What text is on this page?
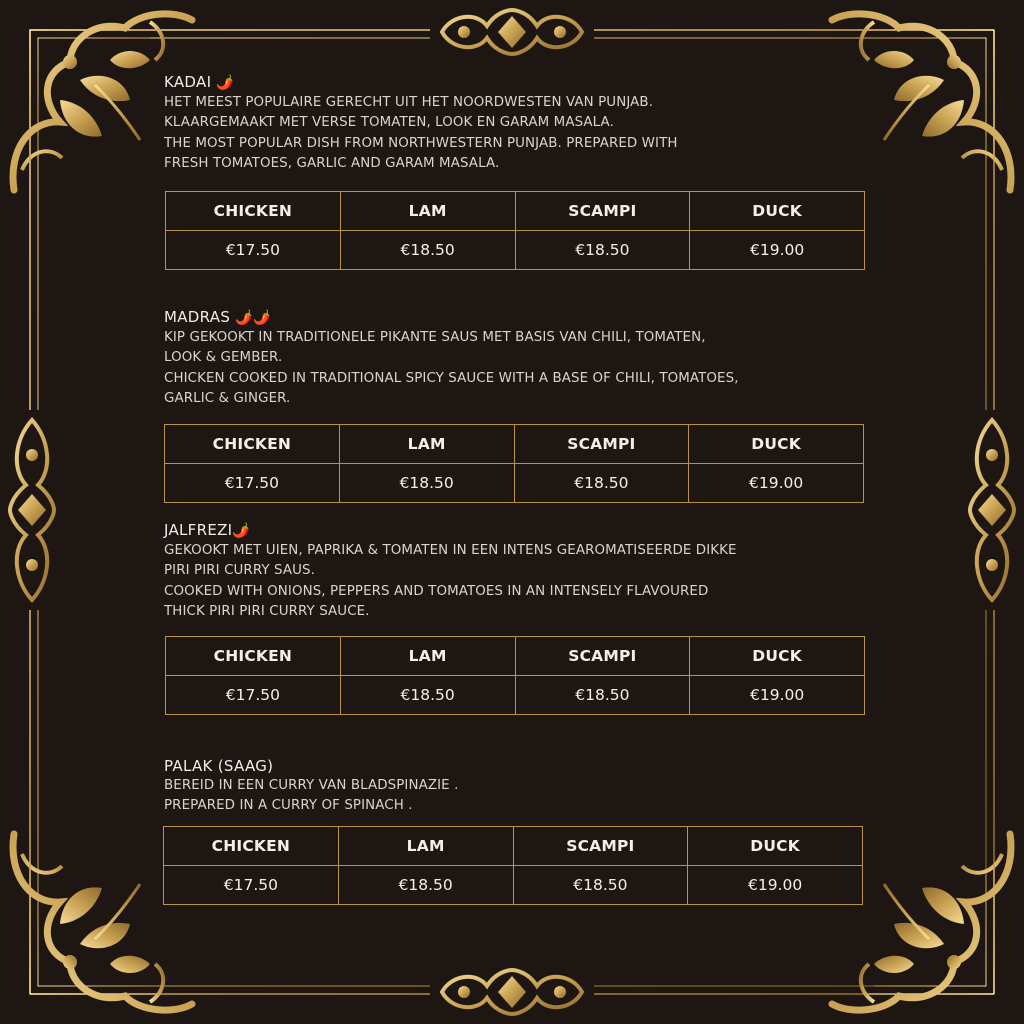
KADAI 🌶️
HET MEEST POPULAIRE GERECHT UIT HET NOORDWESTEN VAN PUNJAB.
KLAARGEMAAKT MET VERSE TOMATEN, LOOK EN GARAM MASALA.
THE MOST POPULAR DISH FROM NORTHWESTERN PUNJAB. PREPARED WITH
FRESH TOMATOES, GARLIC AND GARAM MASALA.
CHICKEN	LAM	SCAMPI	DUCK
€17.50	€18.50	€18.50	€19.00
MADRAS 🌶️🌶️
KIP GEKOOKT IN TRADITIONELE PIKANTE SAUS MET BASIS VAN CHILI, TOMATEN,
LOOK & GEMBER.
CHICKEN COOKED IN TRADITIONAL SPICY SAUCE WITH A BASE OF CHILI, TOMATOES,
GARLIC & GINGER.
CHICKEN	LAM	SCAMPI	DUCK
€17.50	€18.50	€18.50	€19.00
JALFREZI🌶️
GEKOOKT MET UIEN, PAPRIKA & TOMATEN IN EEN INTENS GEAROMATISEERDE DIKKE
PIRI PIRI CURRY SAUS.
COOKED WITH ONIONS, PEPPERS AND TOMATOES IN AN INTENSELY FLAVOURED
THICK PIRI PIRI CURRY SAUCE.
CHICKEN	LAM	SCAMPI	DUCK
€17.50	€18.50	€18.50	€19.00
PALAK (SAAG)
BEREID IN EEN CURRY VAN BLADSPINAZIE .
PREPARED IN A CURRY OF SPINACH .
CHICKEN	LAM	SCAMPI	DUCK
€17.50	€18.50	€18.50	€19.00
